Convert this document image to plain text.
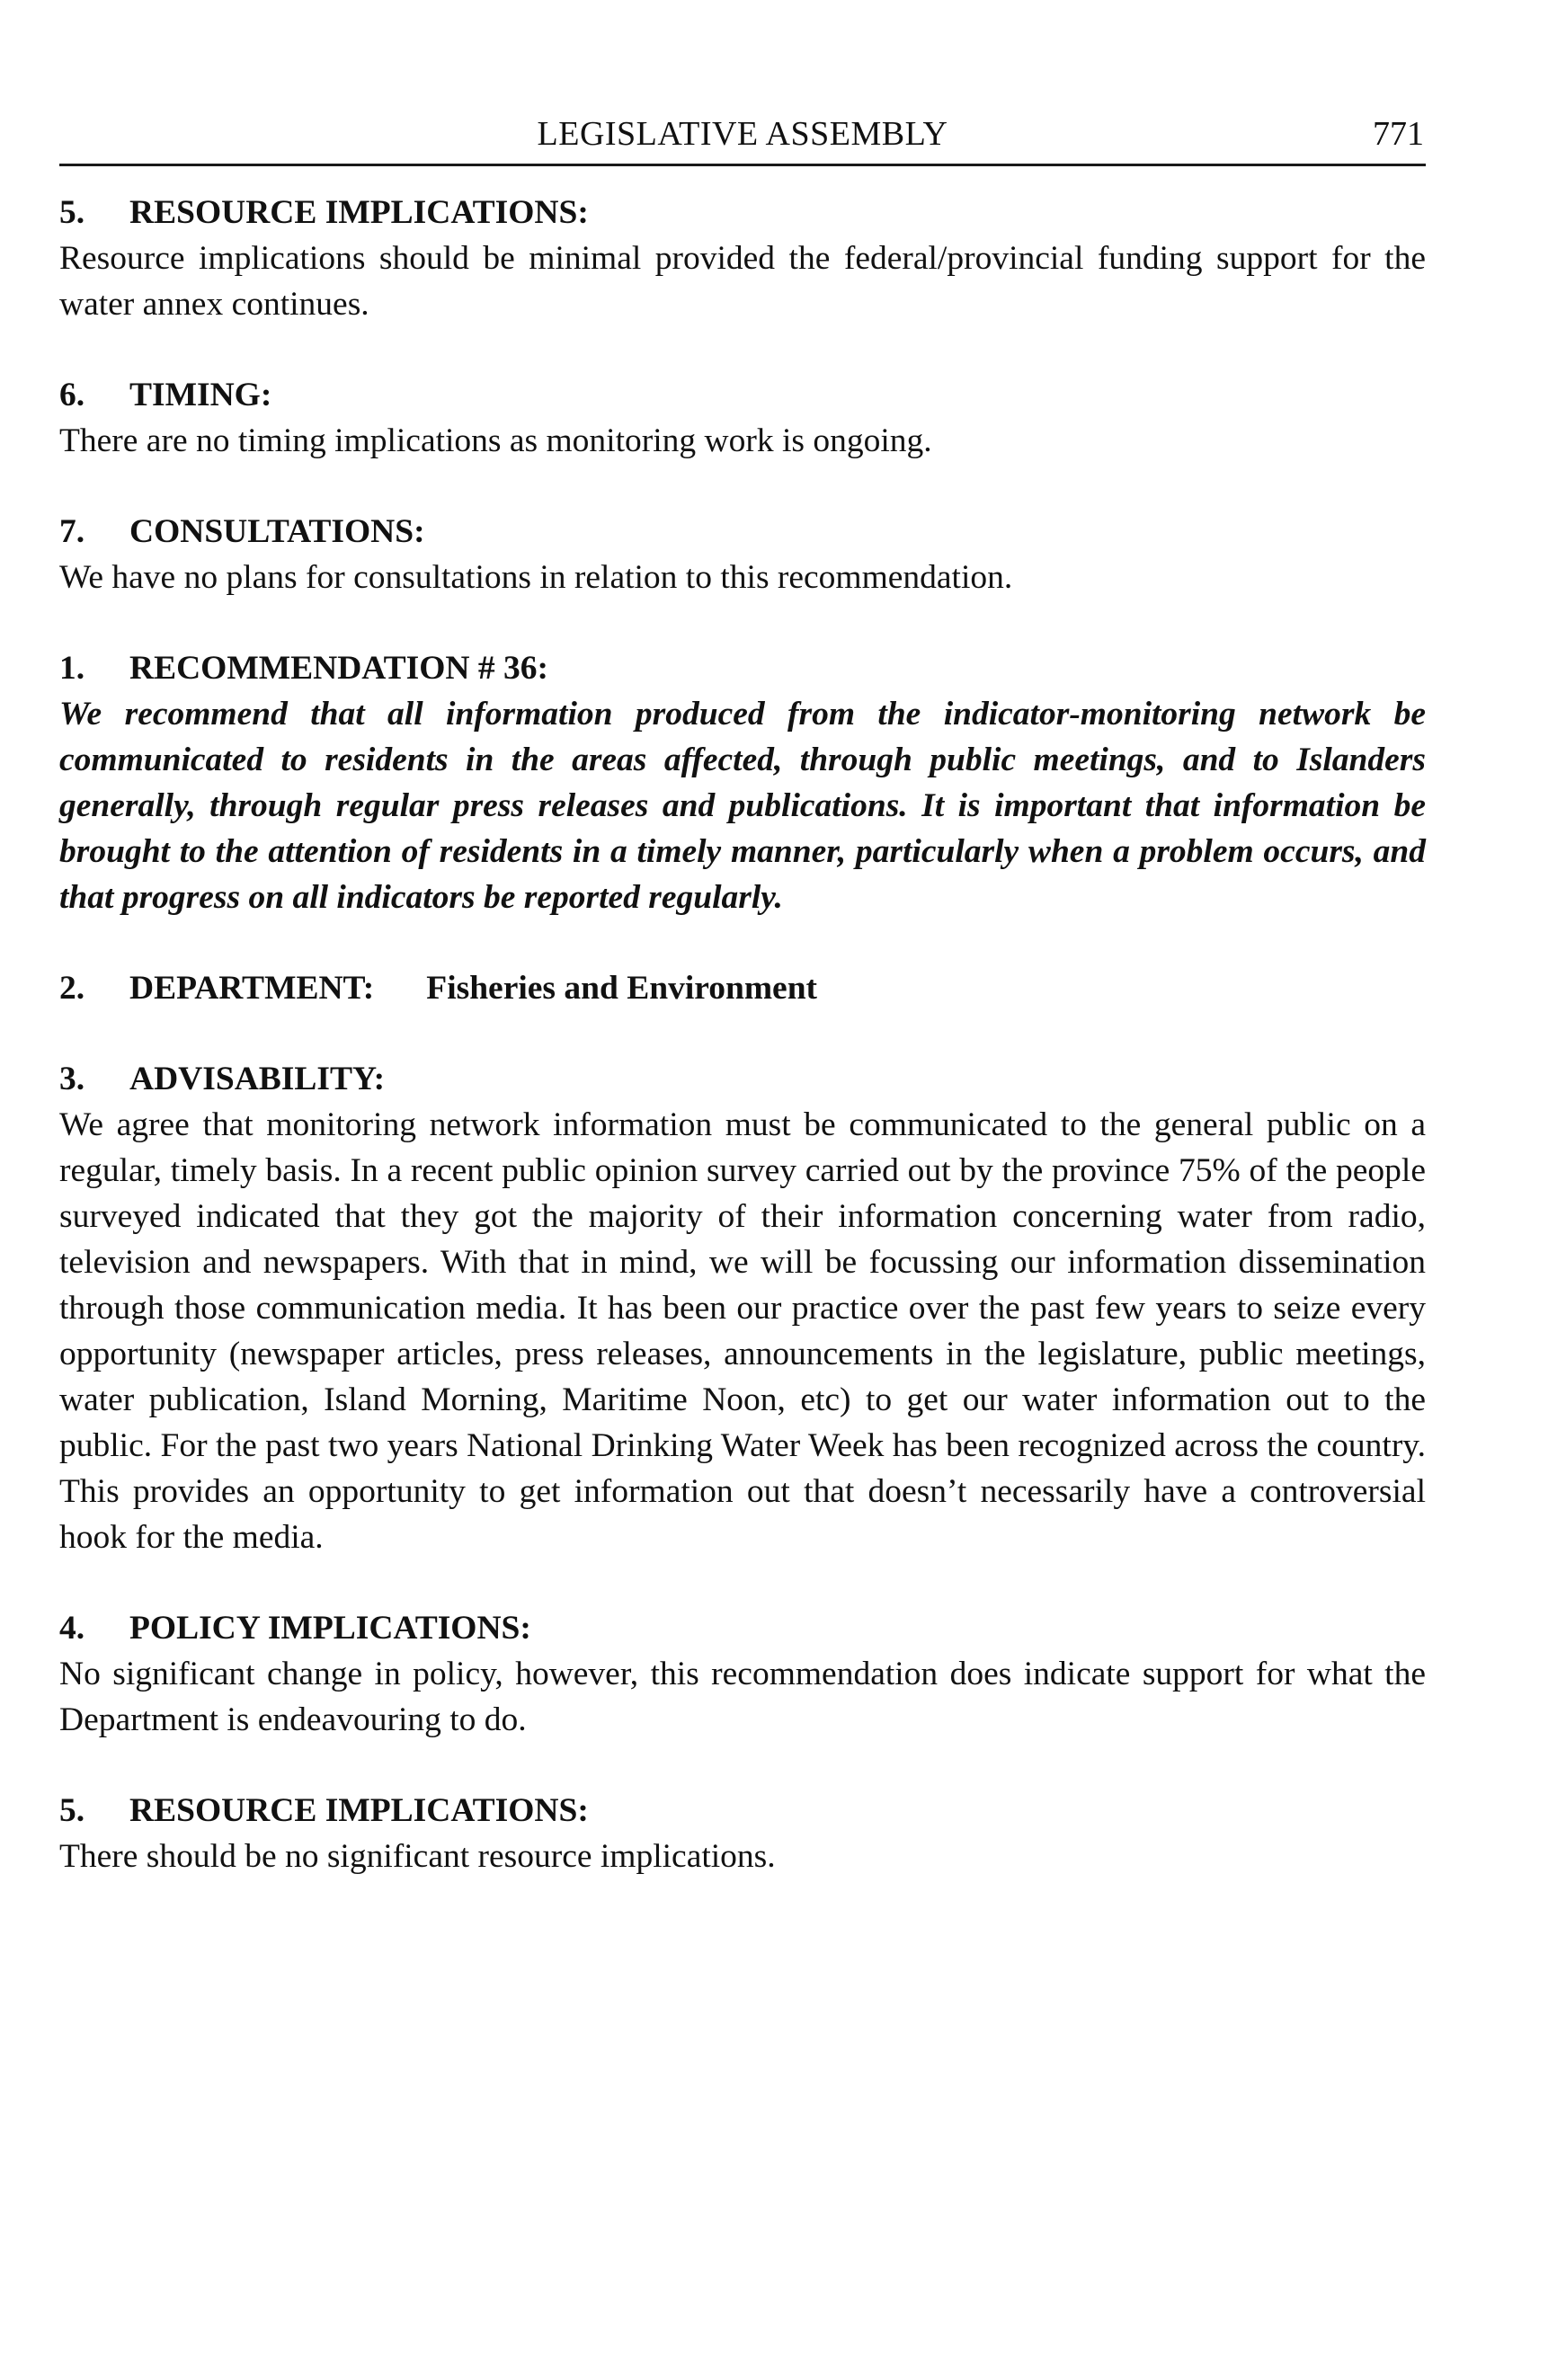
LEGISLATIVE ASSEMBLY	771
5.	RESOURCE IMPLICATIONS:
Resource implications should be minimal provided the federal/provincial funding support for the water annex continues.
6.	TIMING:
There are no timing implications as monitoring work is ongoing.
7.	CONSULTATIONS:
We have no plans for consultations in relation to this recommendation.
1.	RECOMMENDATION # 36:
We recommend that all information produced from the indicator-monitoring network be communicated to residents in the areas affected, through public meetings, and to Islanders generally, through regular press releases and publications. It is important that information be brought to the attention of residents in a timely manner, particularly when a problem occurs, and that progress on all indicators be reported regularly.
2.	DEPARTMENT: Fisheries and Environment
3.	ADVISABILITY:
We agree that monitoring network information must be communicated to the general public on a regular, timely basis. In a recent public opinion survey carried out by the province 75% of the people surveyed indicated that they got the majority of their information concerning water from radio, television and newspapers. With that in mind, we will be focussing our information dissemination through those communication media. It has been our practice over the past few years to seize every opportunity (newspaper articles, press releases, announcements in the legislature, public meetings, water publication, Island Morning, Maritime Noon, etc) to get our water information out to the public. For the past two years National Drinking Water Week has been recognized across the country. This provides an opportunity to get information out that doesn’t necessarily have a controversial hook for the media.
4.	POLICY IMPLICATIONS:
No significant change in policy, however, this recommendation does indicate support for what the Department is endeavouring to do.
5.	RESOURCE IMPLICATIONS:
There should be no significant resource implications.
